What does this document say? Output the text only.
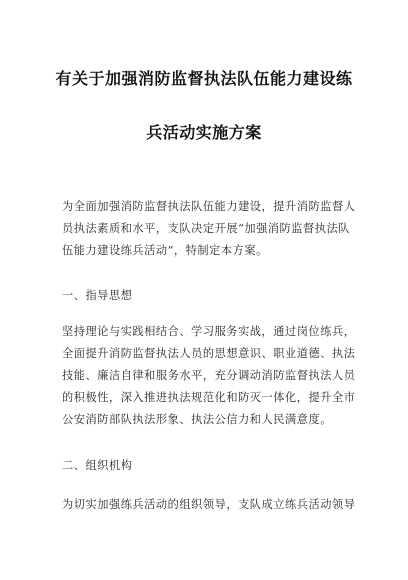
有关于加强消防监督执法队伍能力建设练
兵活动实施方案
为全面加强消防监督执法队伍能力建设，提升消防监督人
员执法素质和水平，支队决定开展“加强消防监督执法队
伍能力建设练兵活动”，特制定本方案。
一、指导思想
坚持理论与实践相结合、学习服务实战，通过岗位练兵，
全面提升消防监督执法人员的思想意识、职业道德、执法
技能、廉洁自律和服务水平，充分调动消防监督执法人员
的积极性，深入推进执法规范化和防灭一体化，提升全市
公安消防部队执法形象、执法公信力和人民满意度。
二、组织机构
为切实加强练兵活动的组织领导，支队成立练兵活动领导
